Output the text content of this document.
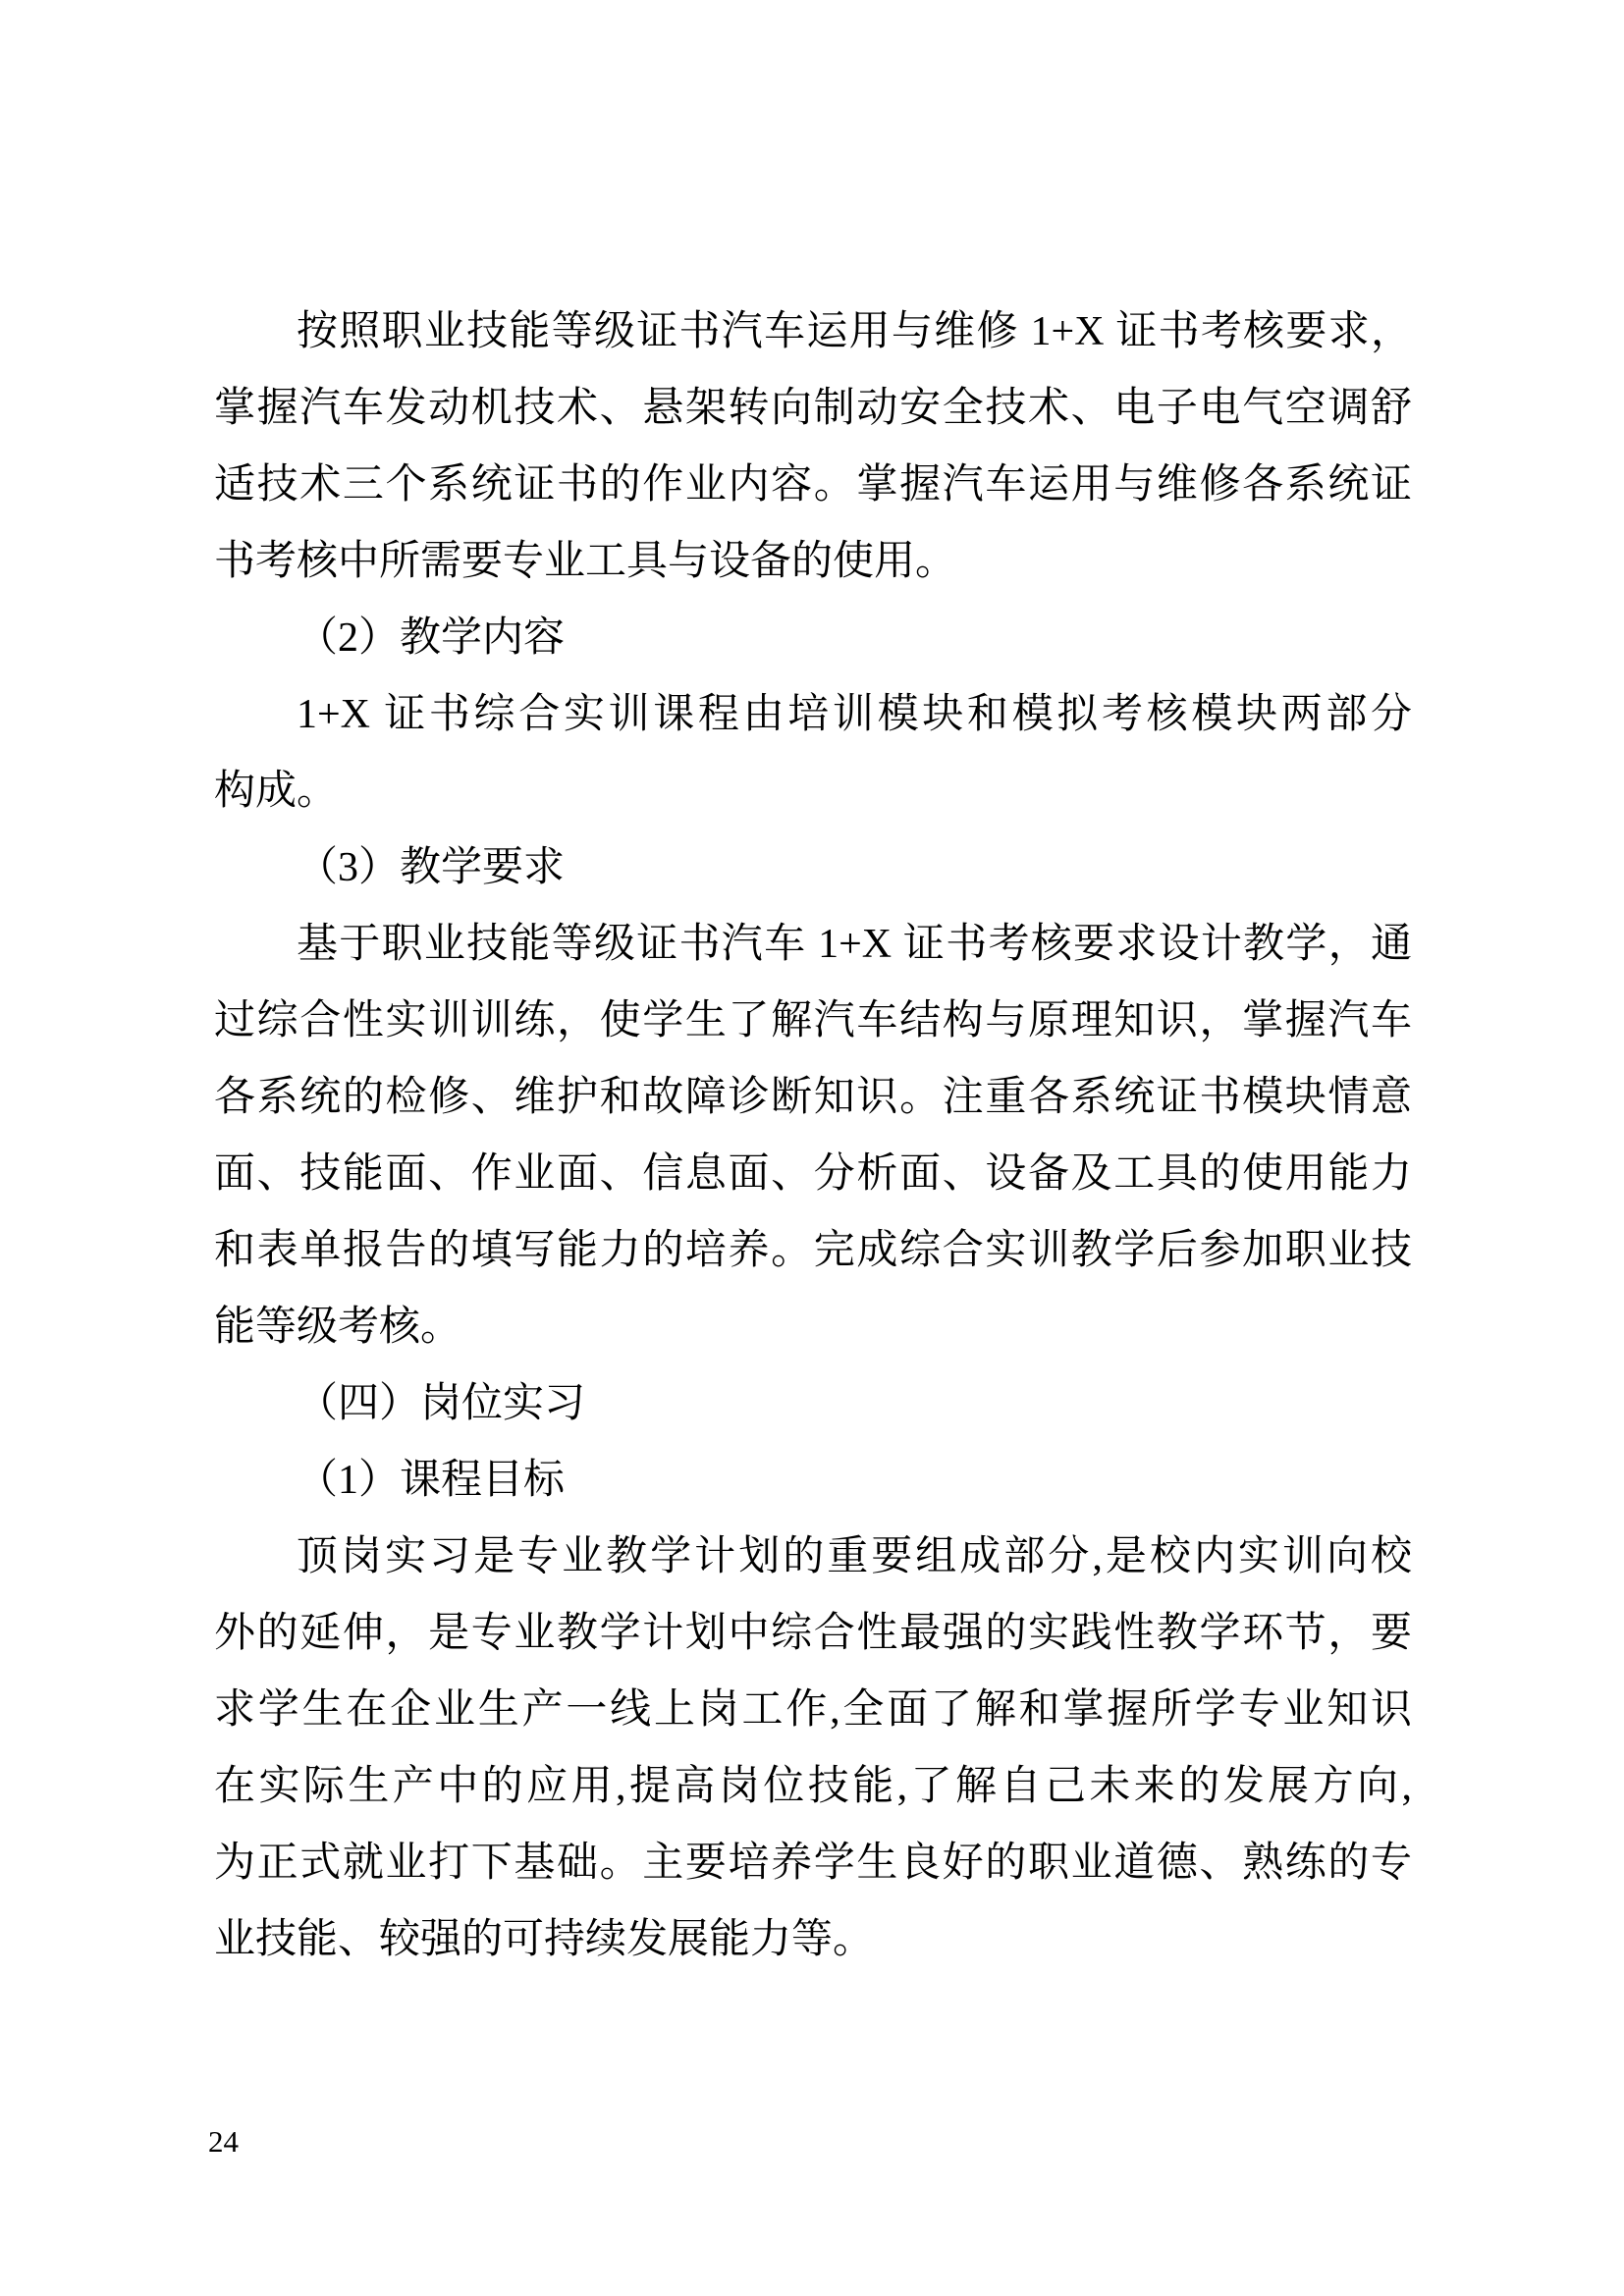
按照职业技能等级证书汽车运用与维修 1+X 证书考核要求，
掌握汽车发动机技术、悬架转向制动安全技术、电子电气空调舒
适技术三个系统证书的作业内容。掌握汽车运用与维修各系统证
书考核中所需要专业工具与设备的使用。
（2）教学内容
1+X 证书综合实训课程由培训模块和模拟考核模块两部分
构成。
（3）教学要求
基于职业技能等级证书汽车 1+X 证书考核要求设计教学，通
过综合性实训训练，使学生了解汽车结构与原理知识，掌握汽车
各系统的检修、维护和故障诊断知识。注重各系统证书模块情意
面、技能面、作业面、信息面、分析面、设备及工具的使用能力
和表单报告的填写能力的培养。完成综合实训教学后参加职业技
能等级考核。
（四）岗位实习
（1）课程目标
顶岗实习是专业教学计划的重要组成部分,是校内实训向校
外的延伸，是专业教学计划中综合性最强的实践性教学环节，要
求学生在企业生产一线上岗工作,全面了解和掌握所学专业知识
在实际生产中的应用,提高岗位技能,了解自己未来的发展方向,
为正式就业打下基础。主要培养学生良好的职业道德、熟练的专
业技能、较强的可持续发展能力等。
24
